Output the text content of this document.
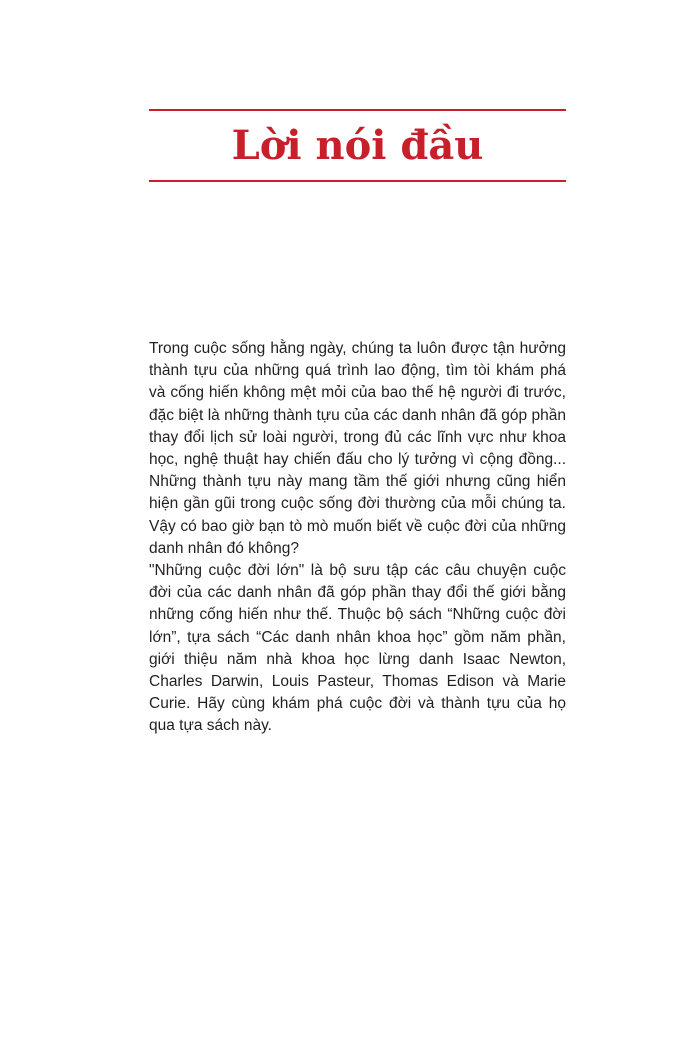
Lời nói đầu

Trong cuộc sống hằng ngày, chúng ta luôn được tận hưởng thành tựu của những quá trình lao động, tìm tòi khám phá và cống hiến không mệt mỏi của bao thế hệ người đi trước, đặc biệt là những thành tựu của các danh nhân đã góp phần thay đổi lịch sử loài người, trong đủ các lĩnh vực như khoa học, nghệ thuật hay chiến đấu cho lý tưởng vì cộng đồng... Những thành tựu này mang tầm thế giới nhưng cũng hiển hiện gần gũi trong cuộc sống đời thường của mỗi chúng ta. Vậy có bao giờ bạn tò mò muốn biết về cuộc đời của những danh nhân đó không?

"Những cuộc đời lớn" là bộ sưu tập các câu chuyện cuộc đời của các danh nhân đã góp phần thay đổi thế giới bằng những cống hiến như thế. Thuộc bộ sách “Những cuộc đời lớn”, tựa sách “Các danh nhân khoa học” gồm năm phần, giới thiệu năm nhà khoa học lừng danh Isaac Newton, Charles Darwin, Louis Pasteur, Thomas Edison và Marie Curie. Hãy cùng khám phá cuộc đời và thành tựu của họ qua tựa sách này.
